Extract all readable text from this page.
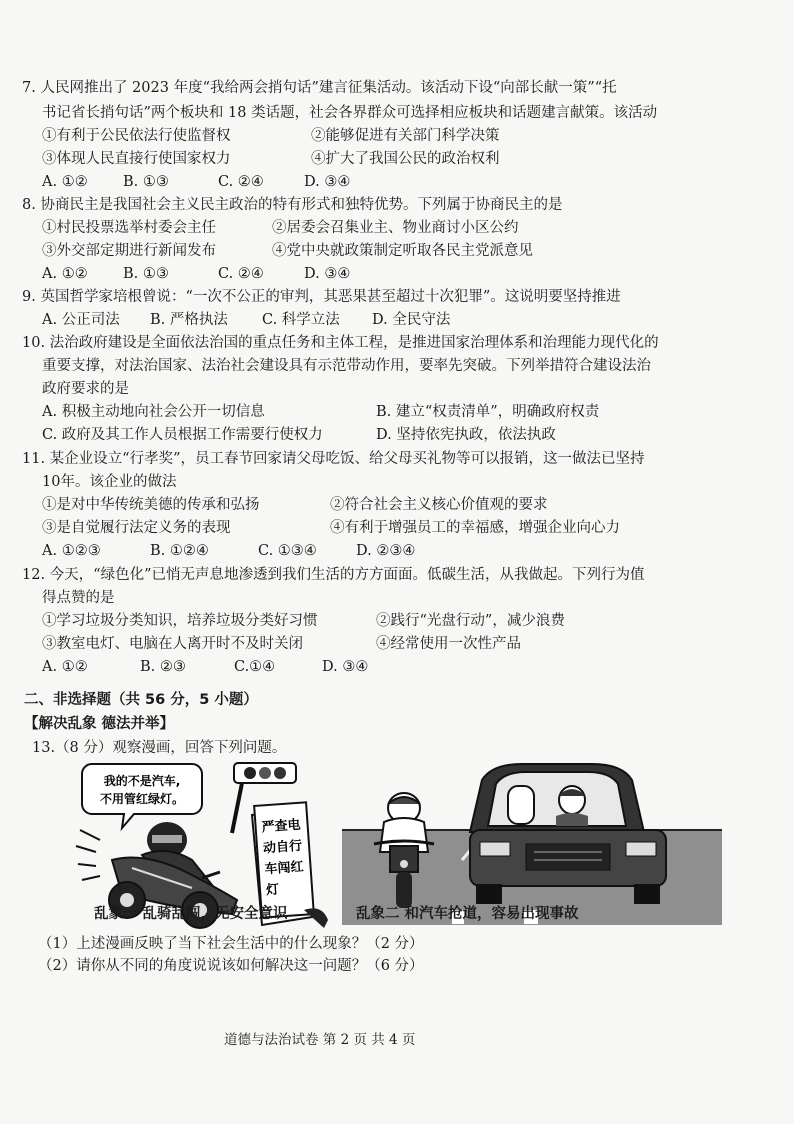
7. 人民网推出了 2023 年度“我给两会捎句话”建言征集活动。该活动下设“向部长献一策”“托
书记省长捎句话”两个板块和 18 类话题，社会各界群众可选择相应板块和话题建言献策。该活动
①有利于公民依法行使监督权	②能够促进有关部门科学决策
③体现人民直接行使国家权力	④扩大了我国公民的政治权利
A. ①② B. ①③	C. ②④	D. ③④
8. 协商民主是我国社会主义民主政治的特有形式和独特优势。下列属于协商民主的是
①村民投票选举村委会主任	②居委会召集业主、物业商讨小区公约
③外交部定期进行新闻发布	④党中央就政策制定听取各民主党派意见
A. ①② B. ①③	C. ②④	D. ③④
9. 英国哲学家培根曾说：“一次不公正的审判，其恶果甚至超过十次犯罪”。这说明要坚持推进
A. 公正司法 B. 严格执法 C. 科学立法 D. 全民守法
10. 法治政府建设是全面依法治国的重点任务和主体工程，是推进国家治理体系和治理能力现代化的
重要支撑，对法治国家、法治社会建设具有示范带动作用，要率先突破。下列举措符合建设法治
政府要求的是
A. 积极主动地向社会公开一切信息	B. 建立“权责清单”，明确政府权责
C. 政府及其工作人员根据工作需要行使权力	D. 坚持依宪执政，依法执政
11. 某企业设立“行孝奖”，员工春节回家请父母吃饭、给父母买礼物等可以报销，这一做法已坚持
10年。该企业的做法
①是对中华传统美德的传承和弘扬	②符合社会主义核心价值观的要求
③是自觉履行法定义务的表现	④有利于增强员工的幸福感，增强企业向心力
A. ①②③	B. ①②④	C. ①③④	D. ②③④
12. 今天，“绿色化”已悄无声息地渗透到我们生活的方方面面。低碳生活，从我做起。下列行为值
得点赞的是
①学习垃圾分类知识，培养垃圾分类好习惯	②践行“光盘行动”，减少浪费
③教室电灯、电脑在人离开时不及时关闭	④经常使用一次性产品
A. ①②	B. ②③	C.①④	D. ③④
二、非选择题（共 56 分，5 小题）
【解决乱象 德法并举】
13.（8 分）观察漫画，回答下列问题。
我的不是汽车,
不用管红绿灯。
严查电
动自行
车闯红
灯
乱象一 乱骑乱闯，无安全意识	乱象二 和汽车抢道，容易出现事故
（1）上述漫画反映了当下社会生活中的什么现象？（2 分）
（2）请你从不同的角度说说该如何解决这一问题？（6 分）
道德与法治试卷 第 2 页 共 4 页
